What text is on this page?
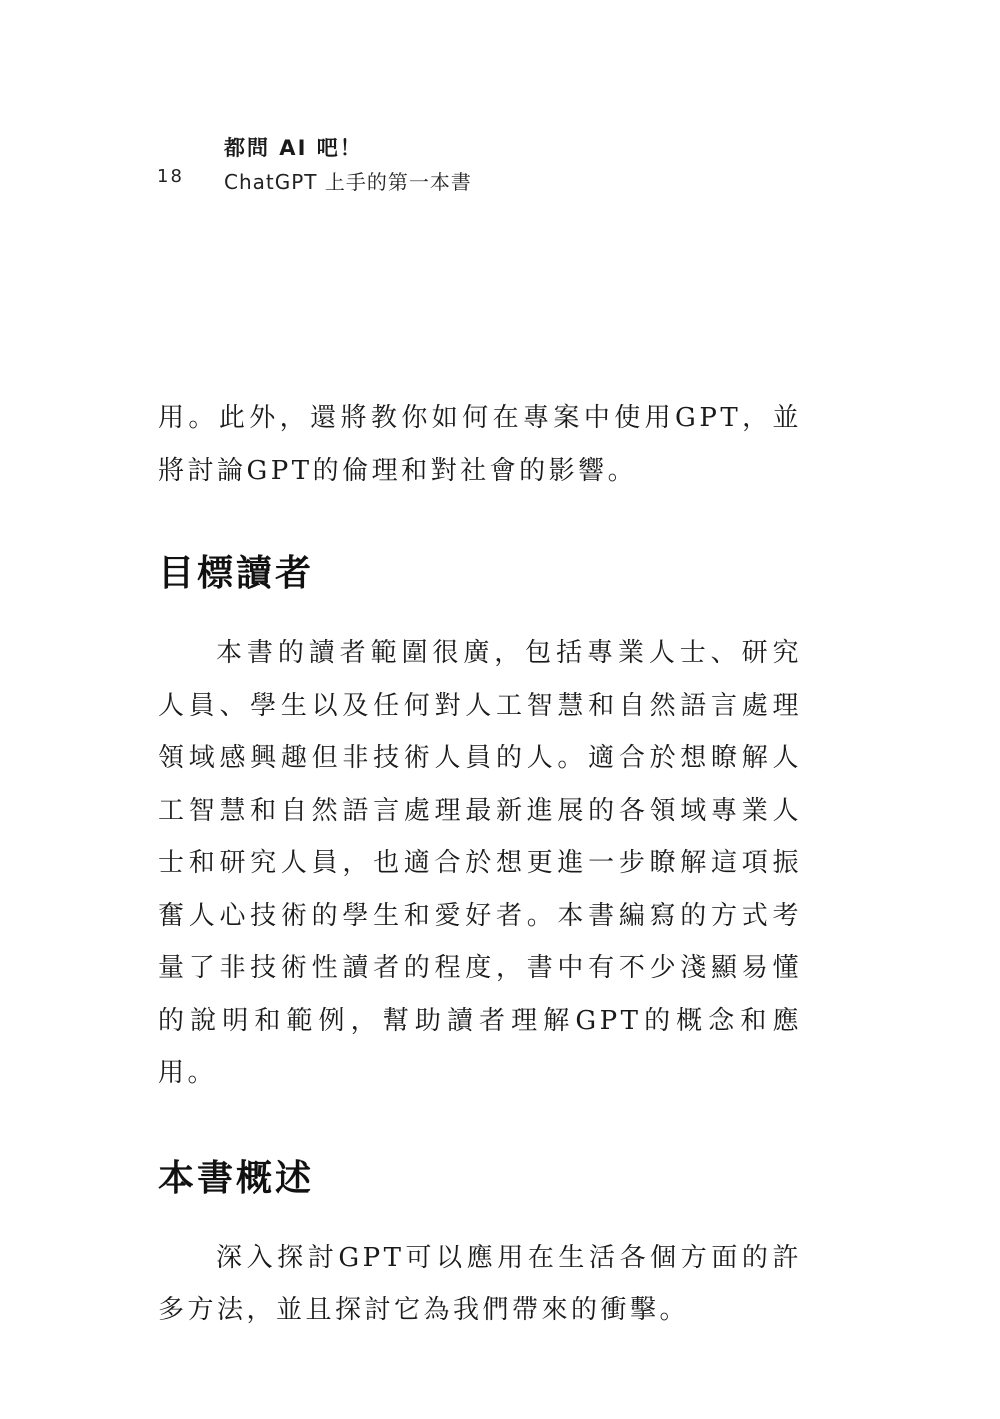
都問 AI 吧！
18 ChatGPT 上手的第一本書

用。此外，還將教你如何在專案中使用GPT，並將討論GPT的倫理和對社會的影響。

目標讀者

本書的讀者範圍很廣，包括專業人士、研究人員、學生以及任何對人工智慧和自然語言處理領域感興趣但非技術人員的人。適合於想瞭解人工智慧和自然語言處理最新進展的各領域專業人士和研究人員，也適合於想更進一步瞭解這項振奮人心技術的學生和愛好者。本書編寫的方式考量了非技術性讀者的程度，書中有不少淺顯易懂的說明和範例，幫助讀者理解GPT的概念和應用。

本書概述

深入探討GPT可以應用在生活各個方面的許多方法，並且探討它為我們帶來的衝擊。
